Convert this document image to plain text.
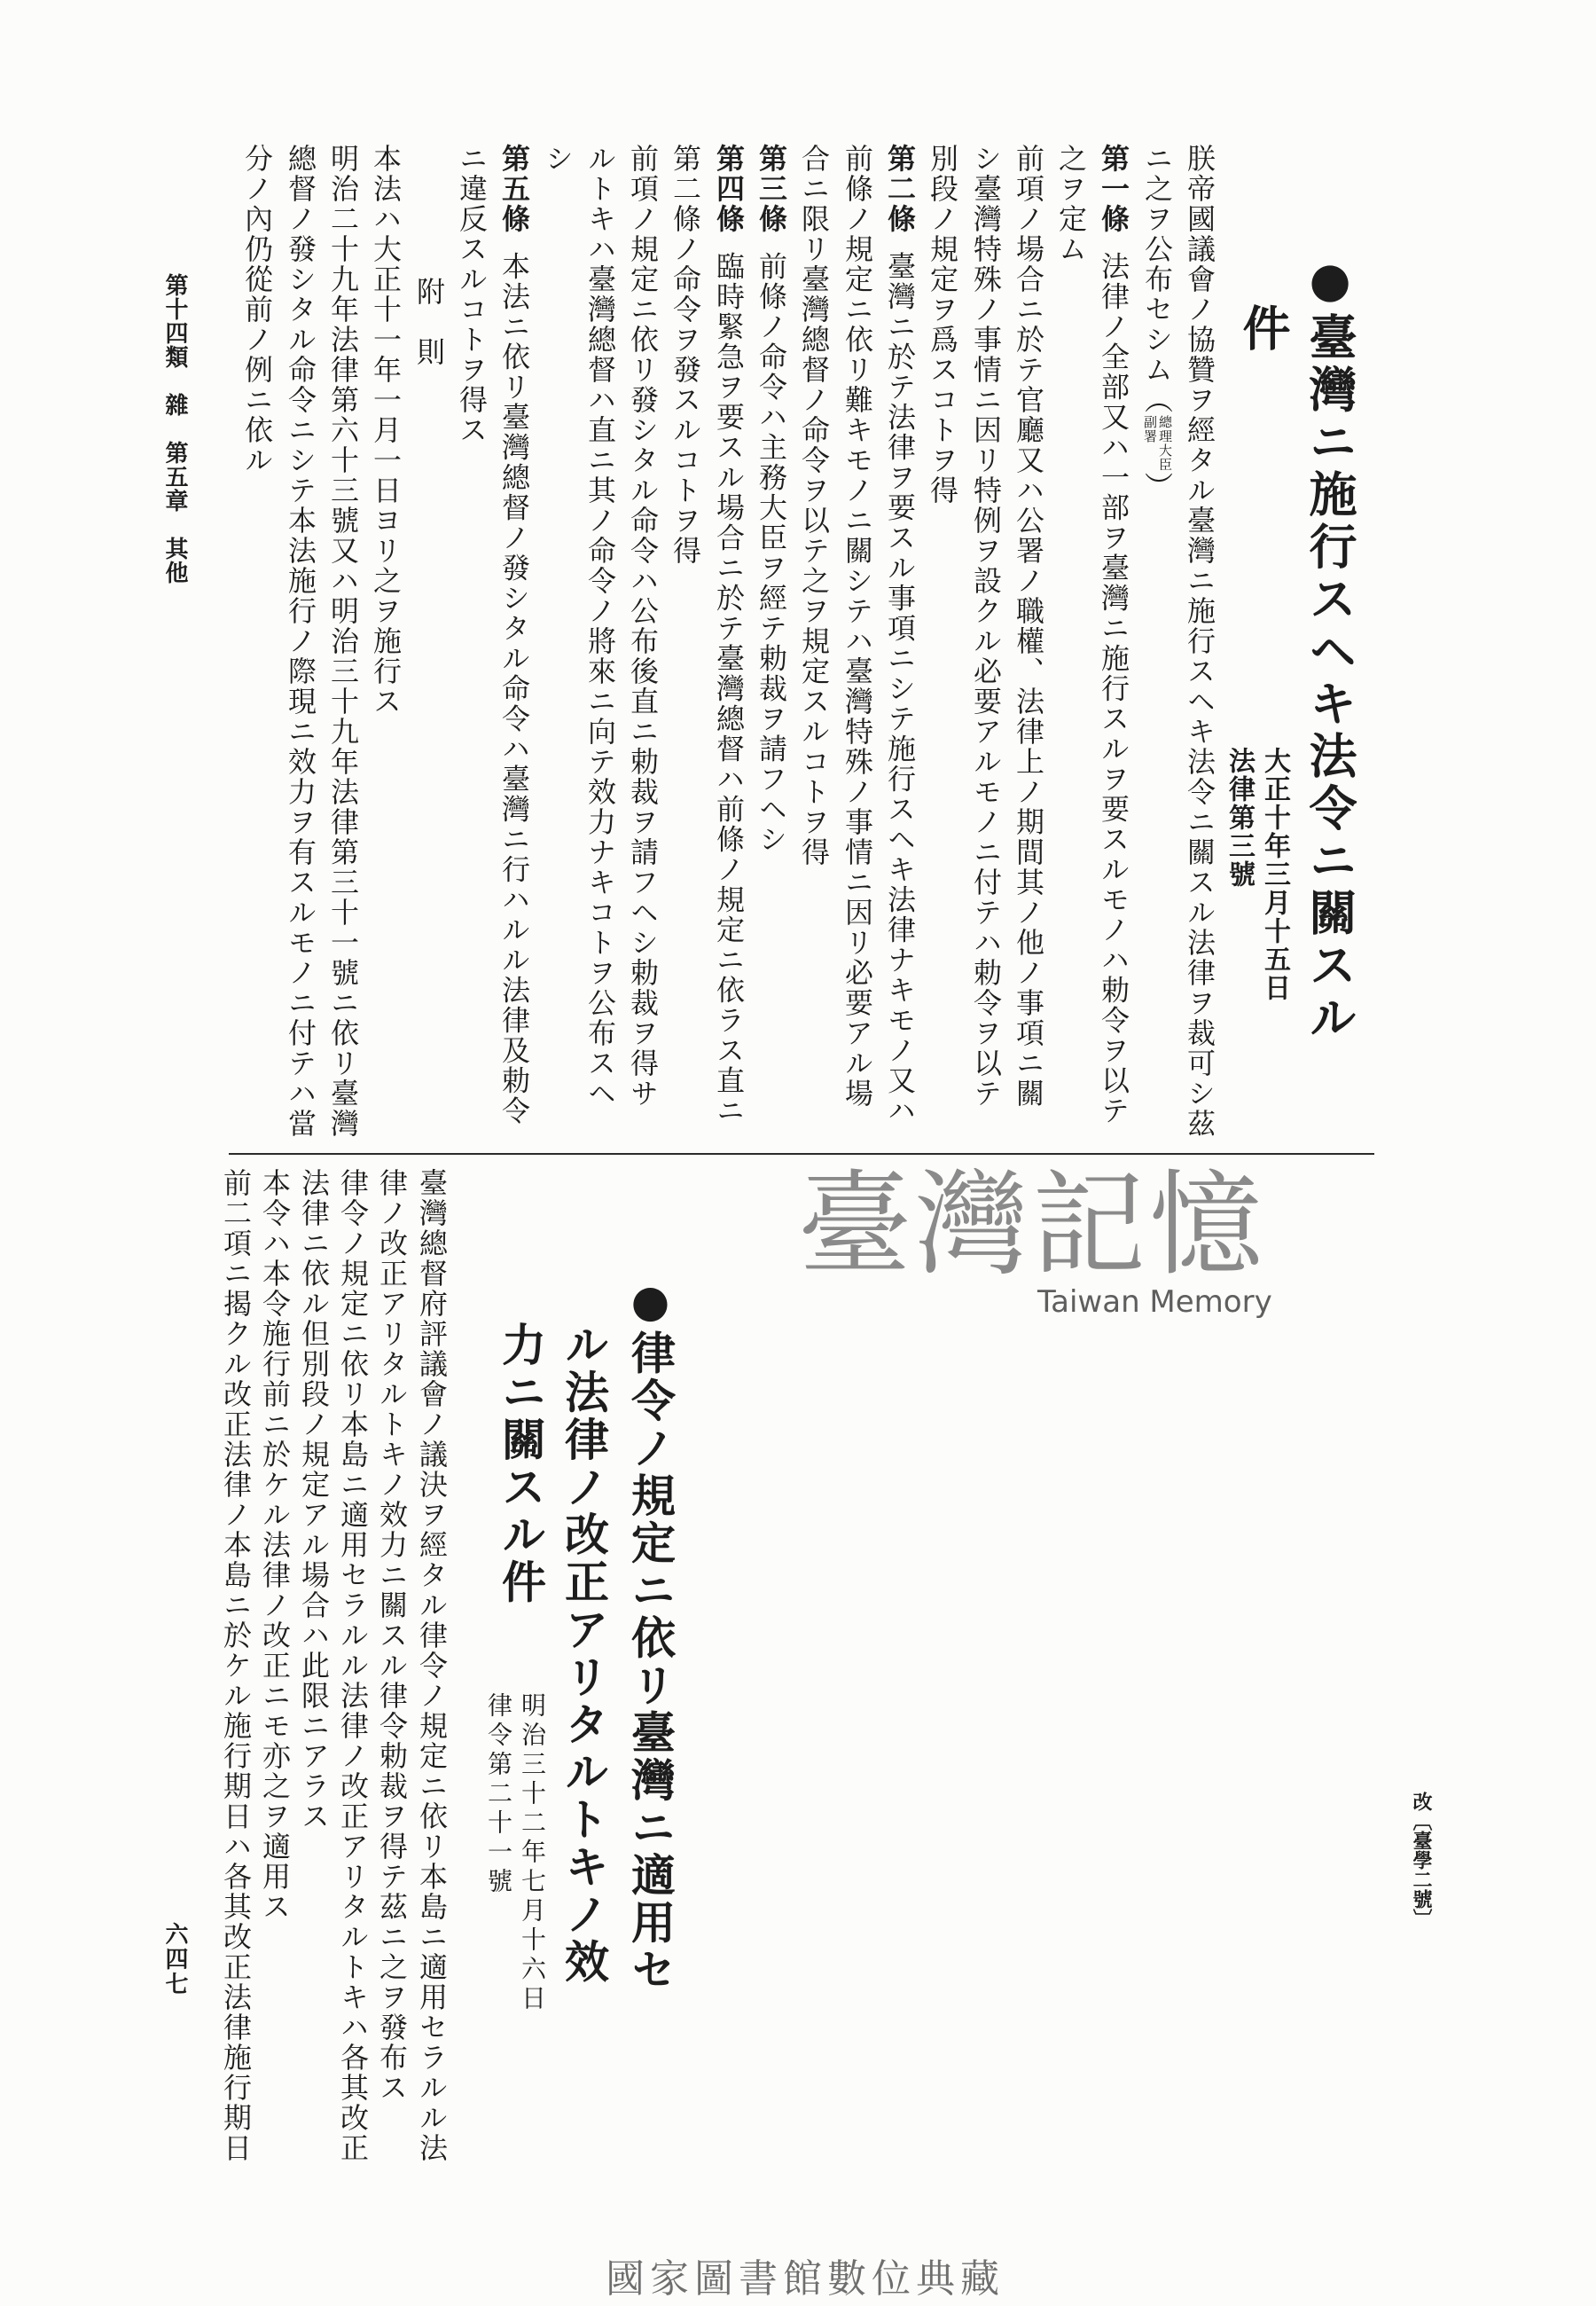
●臺灣ニ施行スヘキ法令ニ關スル
件
大正十年三月十五日
法律第三號
朕帝國議會ノ協贊ヲ經タル臺灣ニ施行スヘキ法令ニ關スル法律ヲ裁可シ茲
ニ之ヲ公布セシム
（
總理大臣
副署
）
第一條法律ノ全部又ハ一部ヲ臺灣ニ施行スルヲ要スルモノハ勅令ヲ以テ
之ヲ定ム
前項ノ場合ニ於テ官廳又ハ公署ノ職權、法律上ノ期間其ノ他ノ事項ニ關
シ臺灣特殊ノ事情ニ因リ特例ヲ設クル必要アルモノニ付テハ勅令ヲ以テ
別段ノ規定ヲ爲スコトヲ得
第二條臺灣ニ於テ法律ヲ要スル事項ニシテ施行スヘキ法律ナキモノ又ハ
前條ノ規定ニ依リ難キモノニ關シテハ臺灣特殊ノ事情ニ因リ必要アル場
合ニ限リ臺灣總督ノ命令ヲ以テ之ヲ規定スルコトヲ得
第三條前條ノ命令ハ主務大臣ヲ經テ勅裁ヲ請フヘシ
第四條臨時緊急ヲ要スル場合ニ於テ臺灣總督ハ前條ノ規定ニ依ラス直ニ
第二條ノ命令ヲ發スルコトヲ得
前項ノ規定ニ依リ發シタル命令ハ公布後直ニ勅裁ヲ請フヘシ勅裁ヲ得サ
ルトキハ臺灣總督ハ直ニ其ノ命令ノ將來ニ向テ效力ナキコトヲ公布スヘ
シ
第五條本法ニ依リ臺灣總督ノ發シタル命令ハ臺灣ニ行ハルル法律及勅令
ニ違反スルコトヲ得ス
附　則
本法ハ大正十一年一月一日ヨリ之ヲ施行ス
明治二十九年法律第六十三號又ハ明治三十九年法律第三十一號ニ依リ臺灣
總督ノ發シタル命令ニシテ本法施行ノ際現ニ效力ヲ有スルモノニ付テハ當
分ノ內仍從前ノ例ニ依ル
第十四類　雜　第五章　其他
六四七
改〔臺學二號〕
臺灣記憶
Taiwan Memory
●律令ノ規定ニ依リ臺灣ニ適用セ
ル法律ノ改正アリタルトキノ效
力ニ關スル件
明治三十二年七月十六日
律令第二十一號
臺灣總督府評議會ノ議決ヲ經タル律令ノ規定ニ依リ本島ニ適用セラルル法
律ノ改正アリタルトキノ效力ニ關スル律令勅裁ヲ得テ茲ニ之ヲ發布ス
律令ノ規定ニ依リ本島ニ適用セラルル法律ノ改正アリタルトキハ各其改正
法律ニ依ル但別段ノ規定アル場合ハ此限ニアラス
本令ハ本令施行前ニ於ケル法律ノ改正ニモ亦之ヲ適用ス
前二項ニ揭クル改正法律ノ本島ニ於ケル施行期日ハ各其改正法律施行期日
國家圖書館數位典藏
